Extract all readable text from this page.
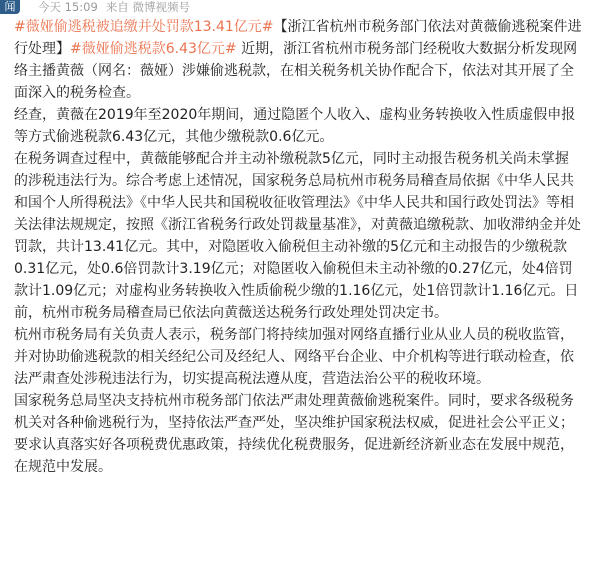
闻	今天 15:09 来自 微博视频号

#薇娅偷逃税被追缴并处罚款13.41亿元#【浙江省杭州市税务部门依法对黄薇偷逃税案件进行处理】#薇娅偷逃税款6.43亿元# 近期，浙江省杭州市税务部门经税收大数据分析发现网络主播黄薇（网名：薇娅）涉嫌偷逃税款，在相关税务机关协作配合下，依法对其开展了全面深入的税务检查。

经查，黄薇在2019年至2020年期间，通过隐匿个人收入、虚构业务转换收入性质虚假申报等方式偷逃税款6.43亿元，其他少缴税款0.6亿元。

在税务调查过程中，黄薇能够配合并主动补缴税款5亿元，同时主动报告税务机关尚未掌握的涉税违法行为。综合考虑上述情况，国家税务总局杭州市税务局稽查局依据《中华人民共和国个人所得税法》《中华人民共和国税收征收管理法》《中华人民共和国行政处罚法》等相关法律法规规定，按照《浙江省税务行政处罚裁量基准》，对黄薇追缴税款、加收滞纳金并处罚款，共计13.41亿元。其中，对隐匿收入偷税但主动补缴的5亿元和主动报告的少缴税款0.31亿元，处0.6倍罚款计3.19亿元；对隐匿收入偷税但未主动补缴的0.27亿元，处4倍罚款计1.09亿元；对虚构业务转换收入性质偷税少缴的1.16亿元，处1倍罚款计1.16亿元。日前，杭州市税务局稽查局已依法向黄薇送达税务行政处理处罚决定书。

杭州市税务局有关负责人表示，税务部门将持续加强对网络直播行业从业人员的税收监管，并对协助偷逃税款的相关经纪公司及经纪人、网络平台企业、中介机构等进行联动检查，依法严肃查处涉税违法行为，切实提高税法遵从度，营造法治公平的税收环境。

国家税务总局坚决支持杭州市税务部门依法严肃处理黄薇偷逃税案件。同时，要求各级税务机关对各种偷逃税行为，坚持依法严查严处，坚决维护国家税法权威，促进社会公平正义；要求认真落实好各项税费优惠政策，持续优化税费服务，促进新经济新业态在发展中规范，在规范中发展。
